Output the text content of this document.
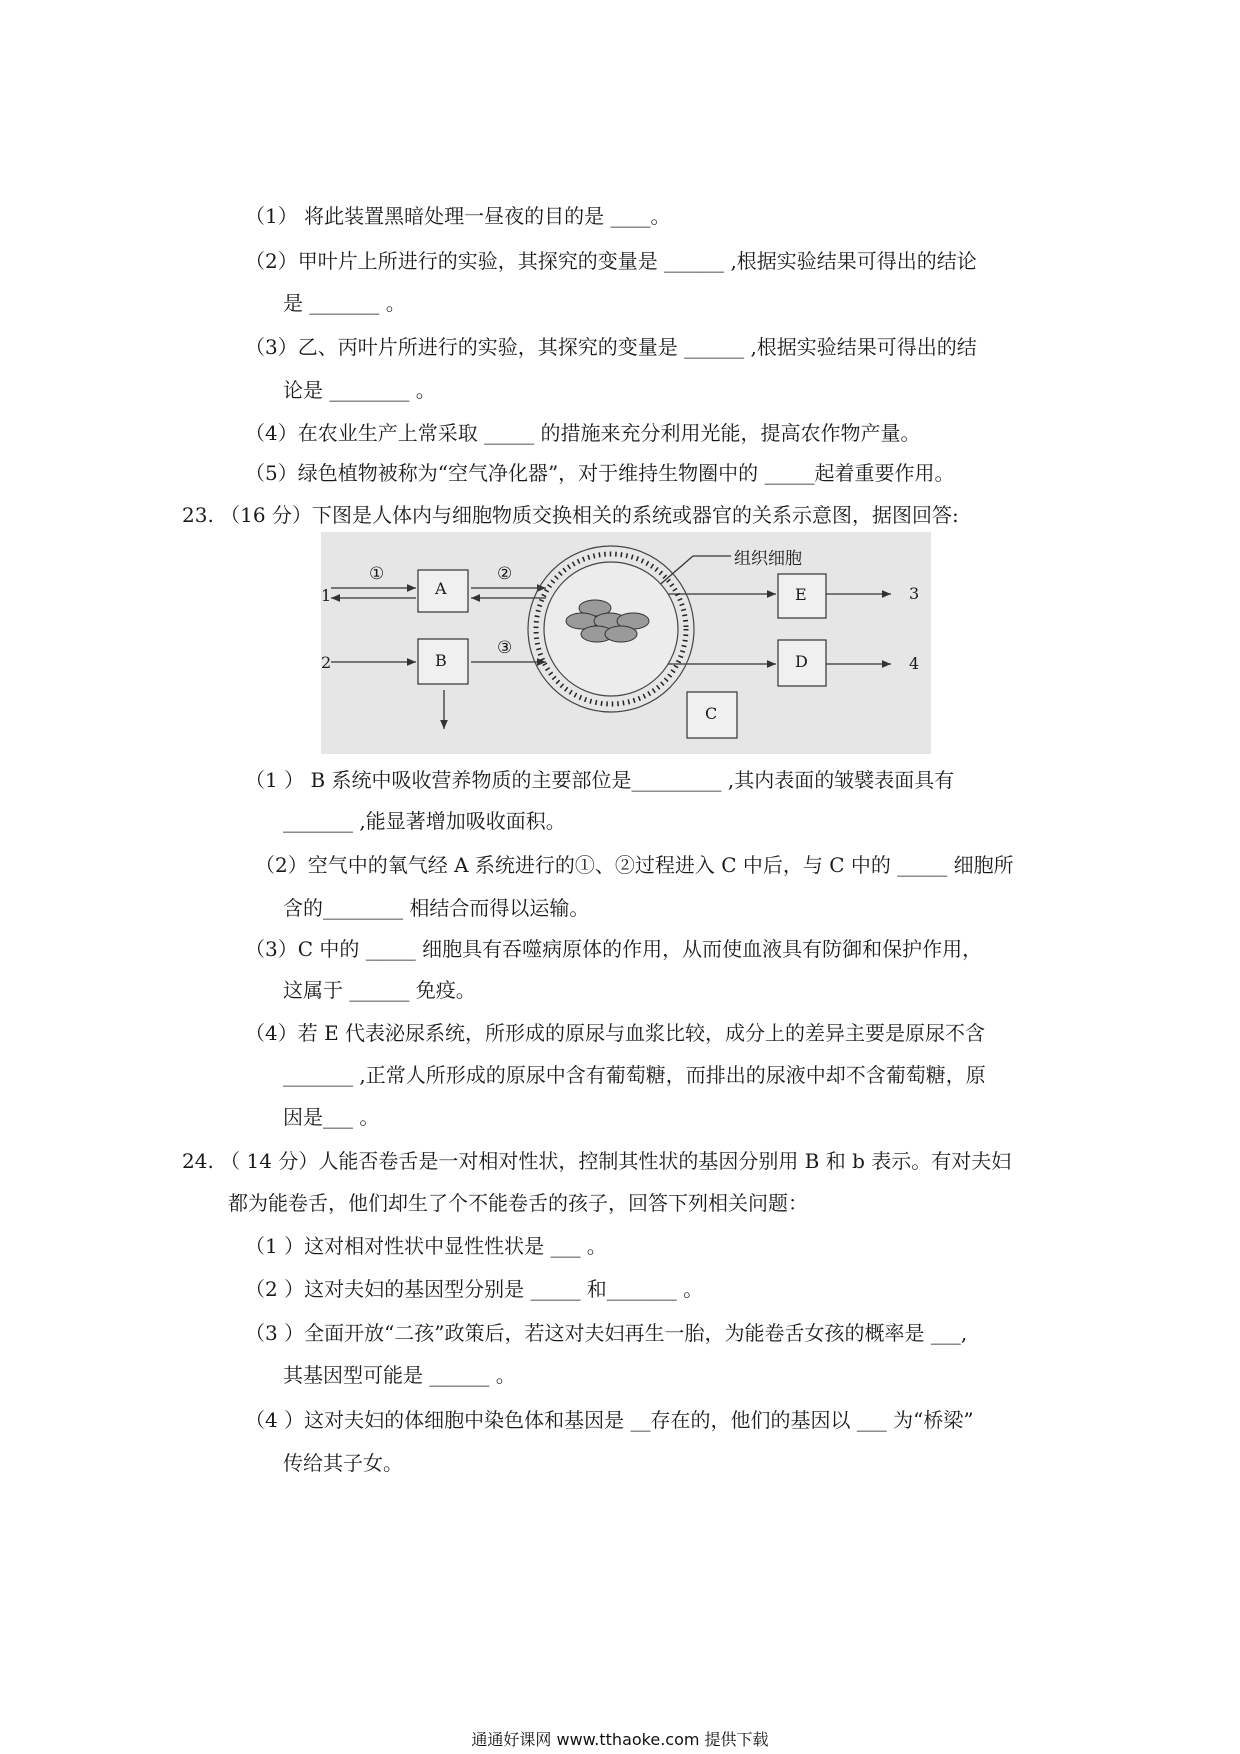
（1） 将此装置黑暗处理一昼夜的目的是 ____。
（2）甲叶片上所进行的实验，其探究的变量是 ______ ,根据实验结果可得出的结论
是 _______ 。
（3）乙、丙叶片所进行的实验，其探究的变量是 ______ ,根据实验结果可得出的结
论是 ________ 。
（4）在农业生产上常采取 _____ 的措施来充分利用光能，提高农作物产量。
（5）绿色植物被称为“空气净化器”，对于维持生物圈中的 _____起着重要作用。
23. （16 分）下图是人体内与细胞物质交换相关的系统或器官的关系示意图，据图回答:
A
B
C
D
E
①	②
③
1
2
3
4
组织细胞
（1 ） B 系统中吸收营养物质的主要部位是_________ ,其内表面的皱襞表面具有
_______ ,能显著增加吸收面积。
（2）空气中的氧气经 A 系统进行的①、②过程进入 C 中后，与 C 中的 _____ 细胞所
含的________ 相结合而得以运输。
（3）C 中的 _____ 细胞具有吞噬病原体的作用，从而使血液具有防御和保护作用，
这属于 ______ 免疫。
（4）若 E 代表泌尿系统，所形成的原尿与血浆比较，成分上的差异主要是原尿不含
_______ ,正常人所形成的原尿中含有葡萄糖，而排出的尿液中却不含葡萄糖，原
因是___ 。
24. （ 14 分）人能否卷舌是一对相对性状，控制其性状的基因分别用 B 和 b 表示。有对夫妇
都为能卷舌，他们却生了个不能卷舌的孩子，回答下列相关问题：
（1 ）这对相对性状中显性性状是 ___ 。
（2 ）这对夫妇的基因型分别是 _____ 和_______ 。
（3 ）全面开放“二孩”政策后，若这对夫妇再生一胎，为能卷舌女孩的概率是 ___,
其基因型可能是 ______ 。
（4 ）这对夫妇的体细胞中染色体和基因是 __存在的，他们的基因以 ___ 为“桥梁”
传给其子女。
通通好课网 www.tthaoke.com 提供下载
